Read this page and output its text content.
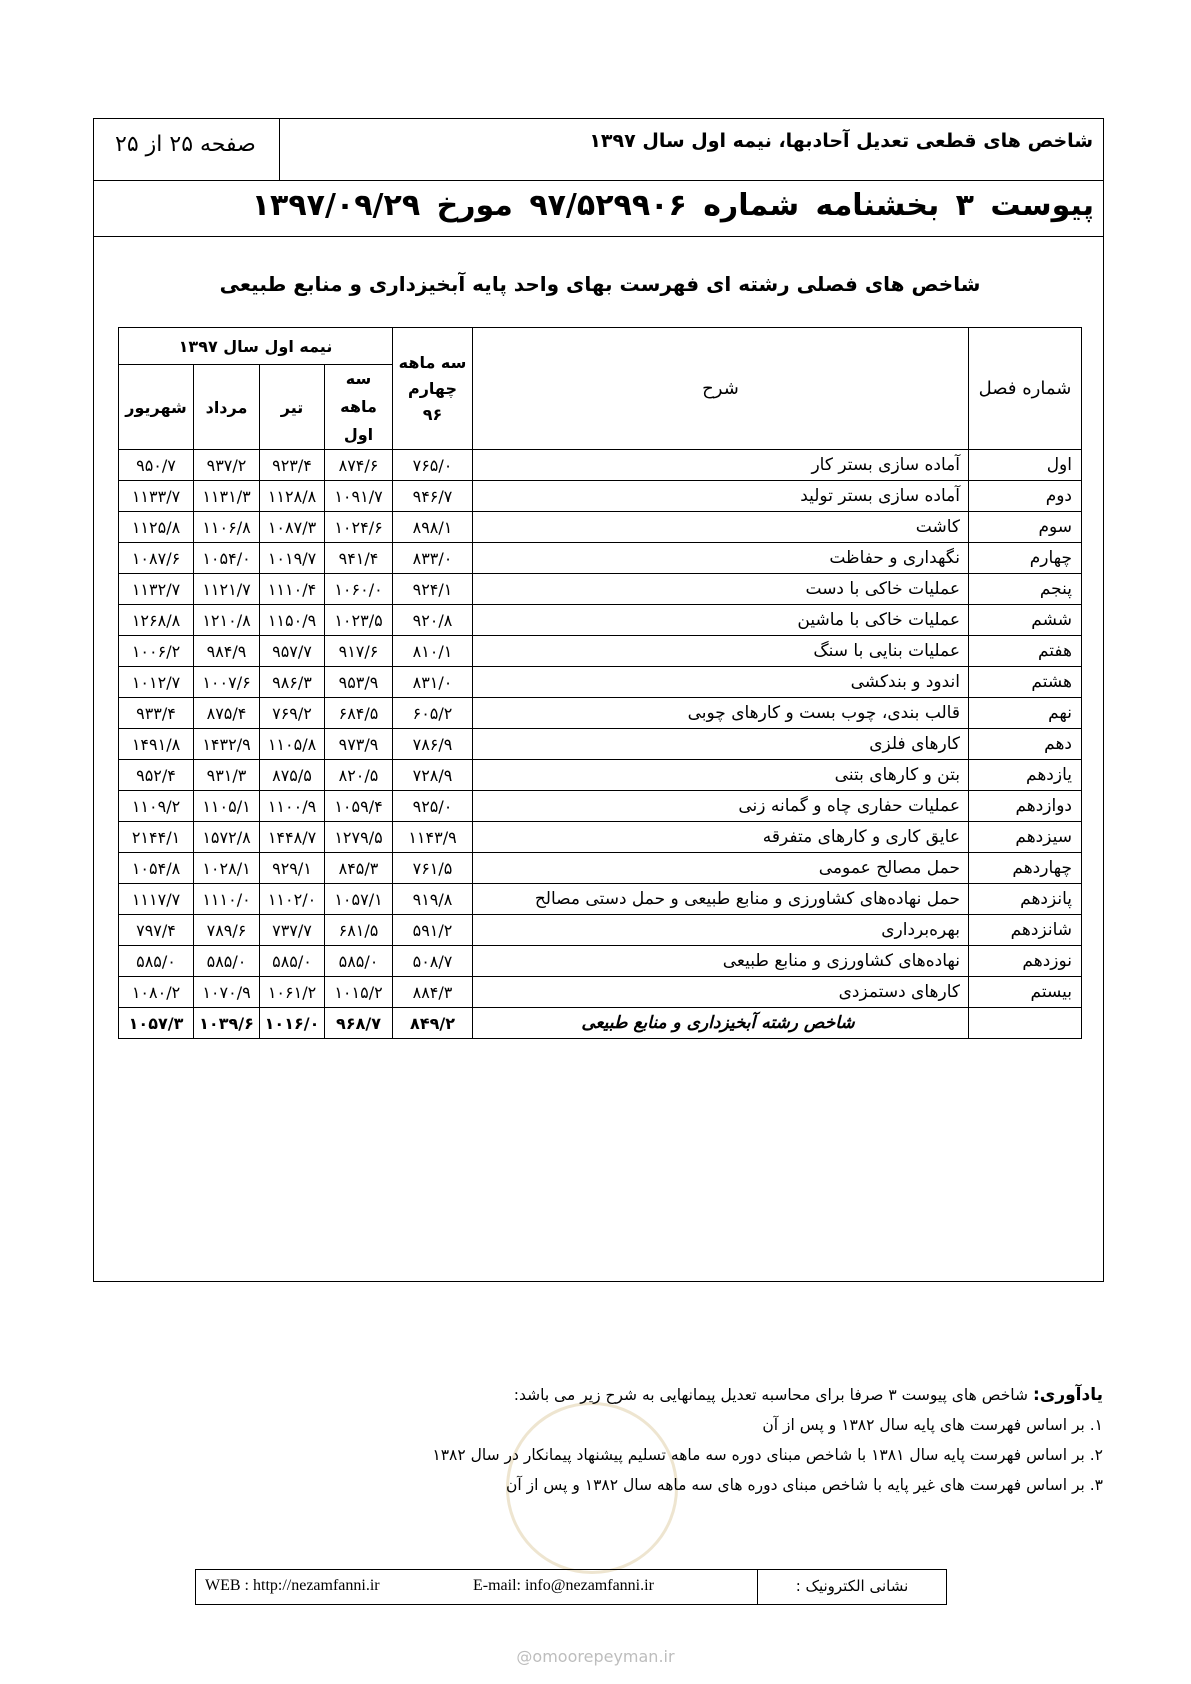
شاخص های قطعی تعدیل آحادبها، نیمه اول سال ۱۳۹۷
صفحه ۲۵ از ۲۵
پیوست ۳ بخشنامه شماره ۹۷/۵۲۹۹۰۶ مورخ ۱۳۹۷/۰۹/۲۹
شاخص های فصلی رشته ای فهرست بهای واحد پایه آبخیزداری و منابع طبیعی
شماره فصل	شرح	سه ماهه چهارم ۹۶	نیمه اول سال ۱۳۹۷			
			سه ماهه اول	تیر	مرداد	شهریور
اول	آماده سازی بستر کار	۷۶۵/۰	۸۷۴/۶	۹۲۳/۴	۹۳۷/۲	۹۵۰/۷
دوم	آماده سازی بستر تولید	۹۴۶/۷	۱۰۹۱/۷	۱۱۲۸/۸	۱۱۳۱/۳	۱۱۳۳/۷
سوم	کاشت	۸۹۸/۱	۱۰۲۴/۶	۱۰۸۷/۳	۱۱۰۶/۸	۱۱۲۵/۸
چهارم	نگهداری و حفاظت	۸۳۳/۰	۹۴۱/۴	۱۰۱۹/۷	۱۰۵۴/۰	۱۰۸۷/۶
پنجم	عملیات خاکی با دست	۹۲۴/۱	۱۰۶۰/۰	۱۱۱۰/۴	۱۱۲۱/۷	۱۱۳۲/۷
ششم	عملیات خاکی با ماشین	۹۲۰/۸	۱۰۲۳/۵	۱۱۵۰/۹	۱۲۱۰/۸	۱۲۶۸/۸
هفتم	عملیات بنایی با سنگ	۸۱۰/۱	۹۱۷/۶	۹۵۷/۷	۹۸۴/۹	۱۰۰۶/۲
هشتم	اندود و بندکشی	۸۳۱/۰	۹۵۳/۹	۹۸۶/۳	۱۰۰۷/۶	۱۰۱۲/۷
نهم	قالب بندی، چوب بست و کارهای چوبی	۶۰۵/۲	۶۸۴/۵	۷۶۹/۲	۸۷۵/۴	۹۳۳/۴
دهم	کارهای فلزی	۷۸۶/۹	۹۷۳/۹	۱۱۰۵/۸	۱۴۳۲/۹	۱۴۹۱/۸
یازدهم	بتن و کارهای بتنی	۷۲۸/۹	۸۲۰/۵	۸۷۵/۵	۹۳۱/۳	۹۵۲/۴
دوازدهم	عملیات حفاری چاه و گمانه زنی	۹۲۵/۰	۱۰۵۹/۴	۱۱۰۰/۹	۱۱۰۵/۱	۱۱۰۹/۲
سیزدهم	عایق کاری و کارهای متفرقه	۱۱۴۳/۹	۱۲۷۹/۵	۱۴۴۸/۷	۱۵۷۲/۸	۲۱۴۴/۱
چهاردهم	حمل مصالح عمومی	۷۶۱/۵	۸۴۵/۳	۹۲۹/۱	۱۰۲۸/۱	۱۰۵۴/۸
پانزدهم	حمل نهاده‌های کشاورزی و منابع طبیعی و حمل دستی مصالح	۹۱۹/۸	۱۰۵۷/۱	۱۱۰۲/۰	۱۱۱۰/۰	۱۱۱۷/۷
شانزدهم	بهره‌برداری	۵۹۱/۲	۶۸۱/۵	۷۳۷/۷	۷۸۹/۶	۷۹۷/۴
نوزدهم	نهاده‌های کشاورزی و منابع طبیعی	۵۰۸/۷	۵۸۵/۰	۵۸۵/۰	۵۸۵/۰	۵۸۵/۰
بیستم	کارهای دستمزدی	۸۸۴/۳	۱۰۱۵/۲	۱۰۶۱/۲	۱۰۷۰/۹	۱۰۸۰/۲
	شاخص رشته آبخیزداری و منابع طبیعی	۸۴۹/۲	۹۶۸/۷	۱۰۱۶/۰	۱۰۳۹/۶	۱۰۵۷/۳
یادآوری: شاخص های پیوست ۳ صرفا برای محاسبه تعدیل پیمانهایی به شرح زیر می باشد:
۱. بر اساس فهرست های پایه سال ۱۳۸۲ و پس از آن
۲. بر اساس فهرست پایه سال ۱۳۸۱ با شاخص مبنای دوره سه ماهه تسلیم پیشنهاد پیمانکار در سال ۱۳۸۲
۳. بر اساس فهرست های غیر پایه با شاخص مبنای دوره های سه ماهه سال ۱۳۸۲ و پس از آن
نشانی الکترونیک :
E-mail: info@nezamfanni.ir
WEB : http://nezamfanni.ir
@omoorepeyman.ir
